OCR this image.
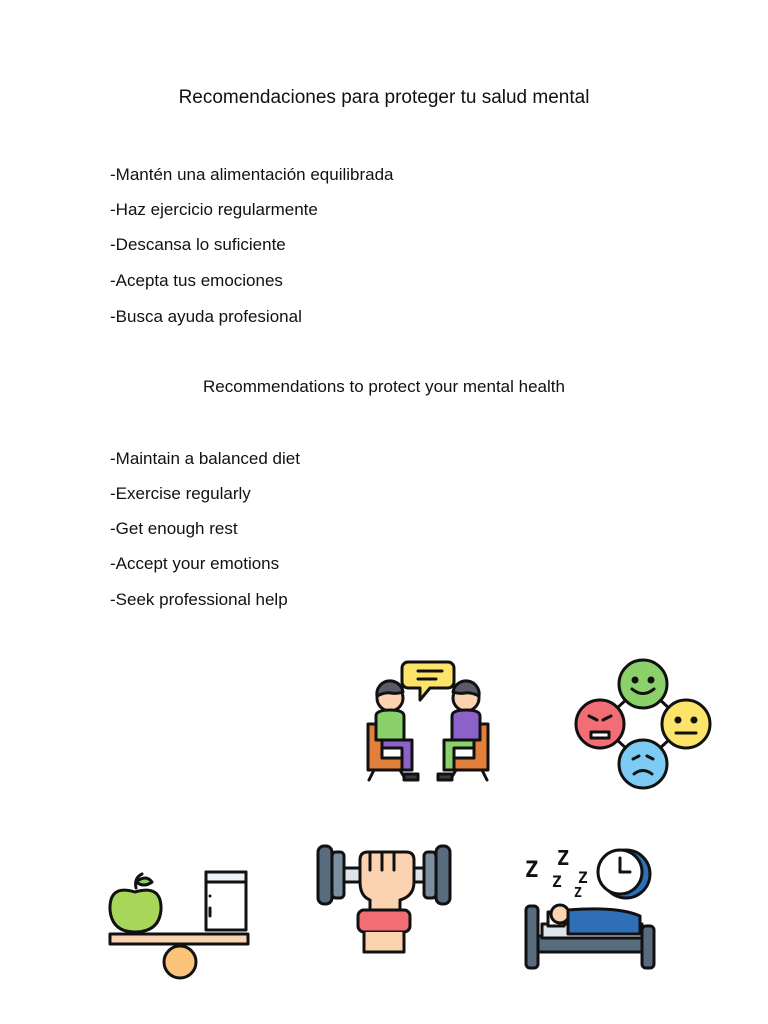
Recomendaciones para proteger tu salud mental
-Mantén una alimentación equilibrada
-Haz ejercicio regularmente
-Descansa lo suficiente
-Acepta tus emociones
-Busca ayuda profesional
Recommendations to protect your mental health
-Maintain a balanced diet
-Exercise regularly
-Get enough rest
-Accept your emotions
-Seek professional help
Z Z
Z Z
Z
